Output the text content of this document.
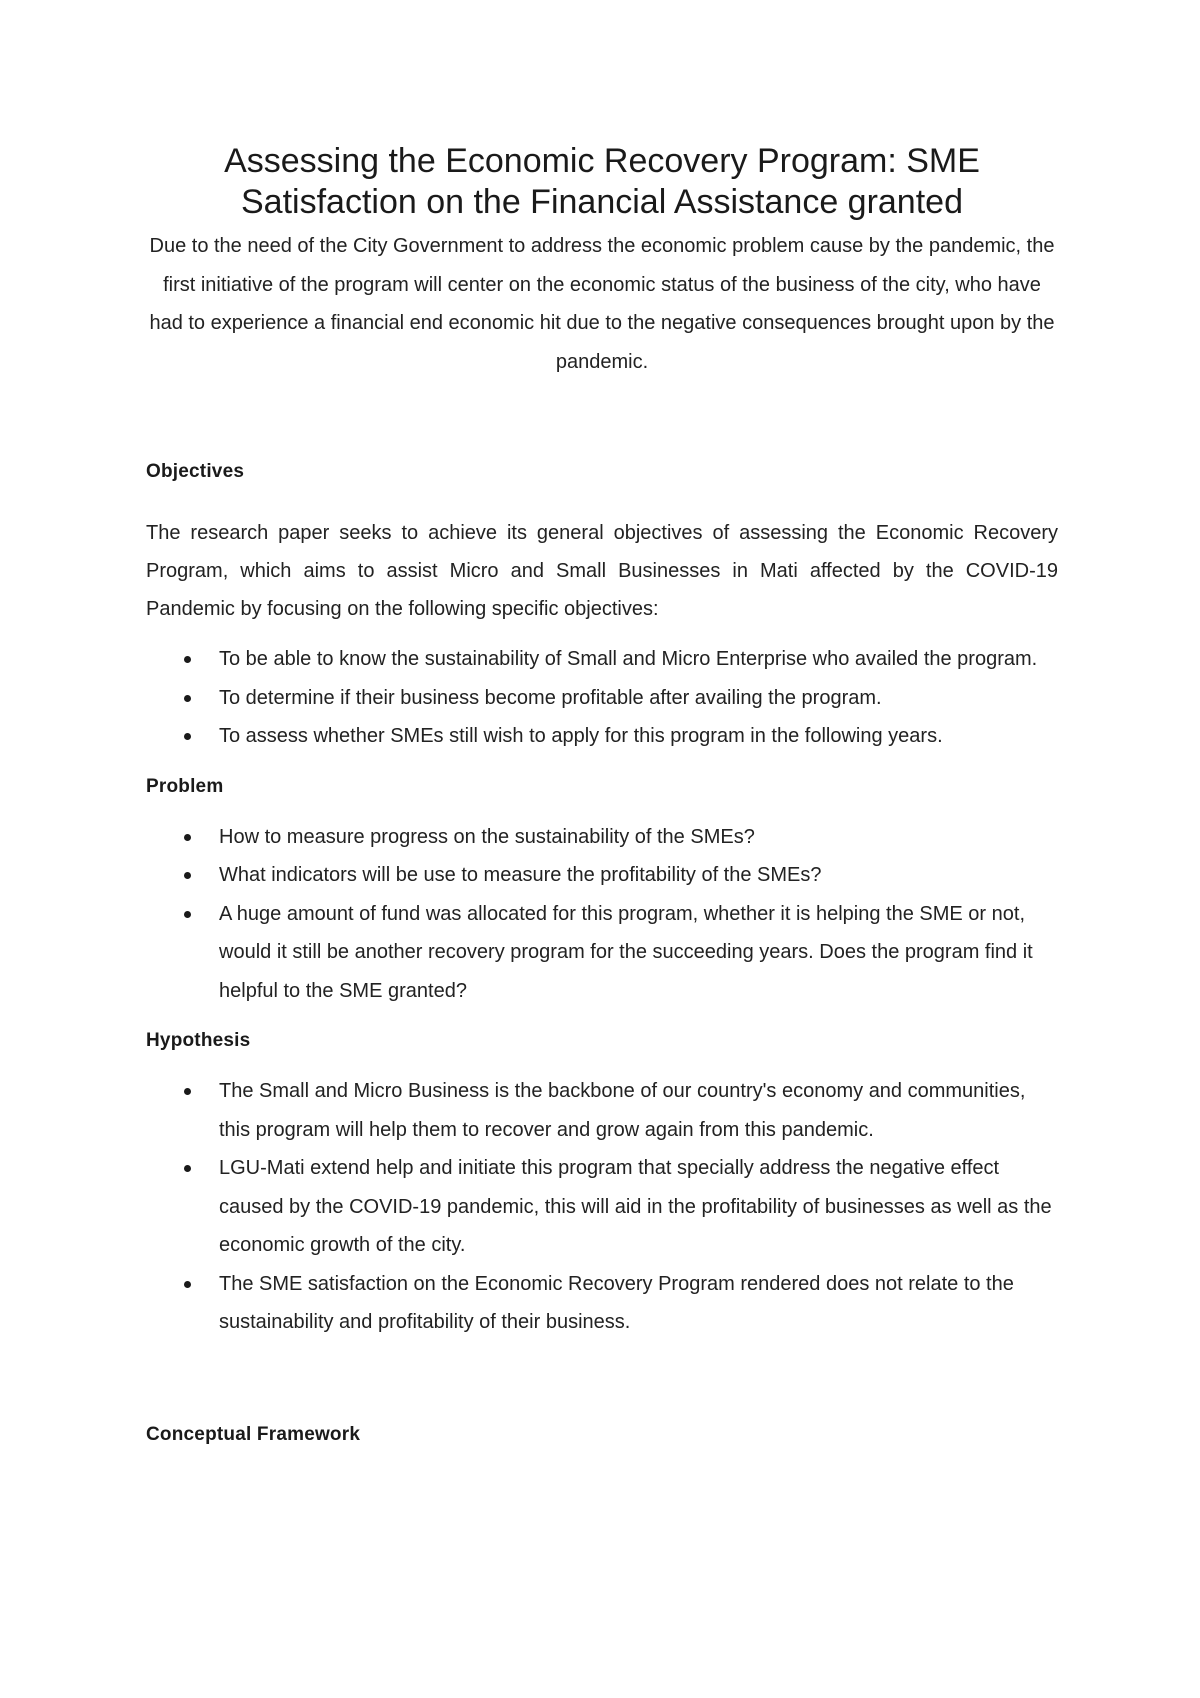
Assessing the Economic Recovery Program: SME Satisfaction on the Financial Assistance granted

Due to the need of the City Government to address the economic problem cause by the pandemic, the first initiative of the program will center on the economic status of the business of the city, who have had to experience a financial end economic hit due to the negative consequences brought upon by the pandemic.

Objectives

The research paper seeks to achieve its general objectives of assessing the Economic Recovery Program, which aims to assist Micro and Small Businesses in Mati affected by the COVID-19 Pandemic by focusing on the following specific objectives:

To be able to know the sustainability of Small and Micro Enterprise who availed the program.
To determine if their business become profitable after availing the program.
To assess whether SMEs still wish to apply for this program in the following years.
Problem
How to measure progress on the sustainability of the SMEs?
What indicators will be use to measure the profitability of the SMEs?
A huge amount of fund was allocated for this program, whether it is helping the SME or not, would it still be another recovery program for the succeeding years. Does the program find it helpful to the SME granted?
Hypothesis
The Small and Micro Business is the backbone of our country's economy and communities, this program will help them to recover and grow again from this pandemic.
LGU-Mati extend help and initiate this program that specially address the negative effect caused by the COVID-19 pandemic, this will aid in the profitability of businesses as well as the economic growth of the city.
The SME satisfaction on the Economic Recovery Program rendered does not relate to the sustainability and profitability of their business.
Conceptual Framework
